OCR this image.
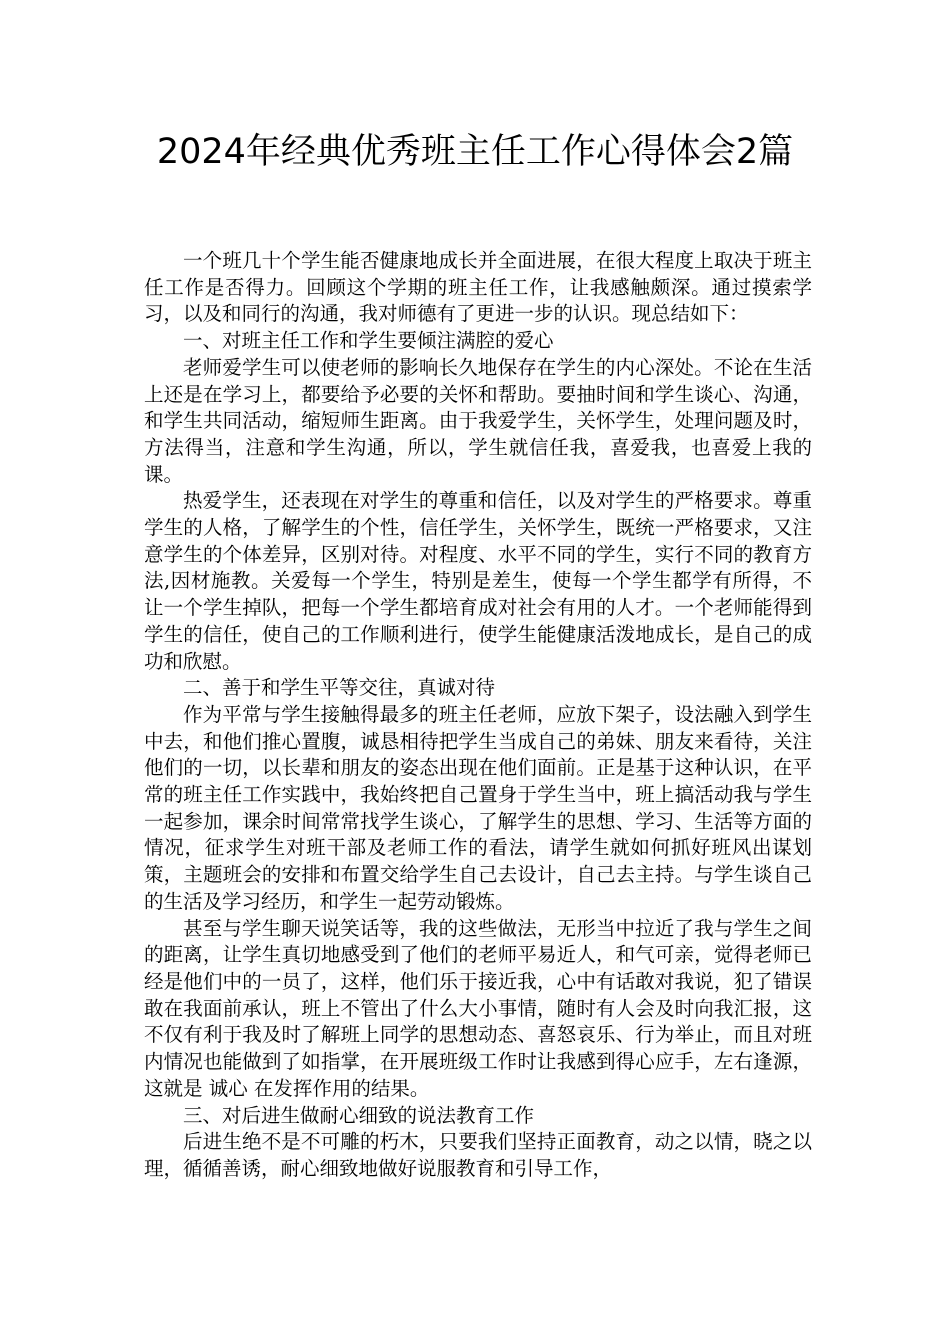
2024年经典优秀班主任工作心得体会2篇

一个班几十个学生能否健康地成长并全面进展，在很大程度上取决于班主任工作是否得力。回顾这个学期的班主任工作，让我感触颇深。通过摸索学习，以及和同行的沟通，我对师德有了更进一步的认识。现总结如下：

一、对班主任工作和学生要倾注满腔的爱心

老师爱学生可以使老师的影响长久地保存在学生的内心深处。不论在生活上还是在学习上，都要给予必要的关怀和帮助。要抽时间和学生谈心、沟通，和学生共同活动，缩短师生距离。由于我爱学生，关怀学生，处理问题及时，方法得当，注意和学生沟通，所以，学生就信任我，喜爱我，也喜爱上我的课。

热爱学生，还表现在对学生的尊重和信任，以及对学生的严格要求。尊重学生的人格，了解学生的个性，信任学生，关怀学生，既统一严格要求，又注意学生的个体差异，区别对待。对程度、水平不同的学生，实行不同的教育方法,因材施教。关爱每一个学生，特别是差生，使每一个学生都学有所得，不让一个学生掉队，把每一个学生都培育成对社会有用的人才。一个老师能得到学生的信任，使自己的工作顺利进行，使学生能健康活泼地成长，是自己的成功和欣慰。

二、善于和学生平等交往，真诚对待

作为平常与学生接触得最多的班主任老师，应放下架子，设法融入到学生中去，和他们推心置腹，诚恳相待把学生当成自己的弟妹、朋友来看待，关注他们的一切，以长辈和朋友的姿态出现在他们面前。正是基于这种认识，在平常的班主任工作实践中，我始终把自己置身于学生当中，班上搞活动我与学生一起参加，课余时间常常找学生谈心，了解学生的思想、学习、生活等方面的情况，征求学生对班干部及老师工作的看法，请学生就如何抓好班风出谋划策，主题班会的安排和布置交给学生自己去设计，自己去主持。与学生谈自己的生活及学习经历，和学生一起劳动锻炼。

甚至与学生聊天说笑话等，我的这些做法，无形当中拉近了我与学生之间的距离，让学生真切地感受到了他们的老师平易近人，和气可亲，觉得老师已经是他们中的一员了，这样，他们乐于接近我，心中有话敢对我说，犯了错误敢在我面前承认，班上不管出了什么大小事情，随时有人会及时向我汇报，这不仅有利于我及时了解班上同学的思想动态、喜怒哀乐、行为举止，而且对班内情况也能做到了如指掌，在开展班级工作时让我感到得心应手，左右逢源，这就是 诚心 在发挥作用的结果。

三、对后进生做耐心细致的说法教育工作

后进生绝不是不可雕的朽木，只要我们坚持正面教育，动之以情，晓之以理，循循善诱，耐心细致地做好说服教育和引导工作，
